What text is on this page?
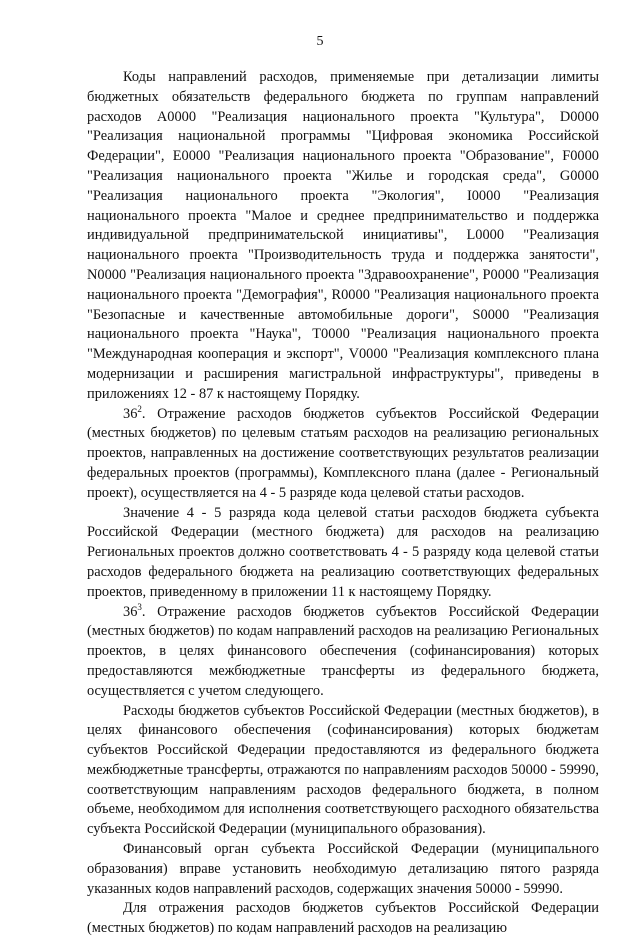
5

Коды направлений расходов, применяемые при детализации лимиты бюджетных обязательств федерального бюджета по группам направлений расходов A0000 "Реализация национального проекта "Культура", D0000 "Реализация национальной программы "Цифровая экономика Российской Федерации", E0000 "Реализация национального проекта "Образование", F0000 "Реализация национального проекта "Жилье и городская среда", G0000 "Реализация национального проекта "Экология", I0000 "Реализация национального проекта "Малое и среднее предпринимательство и поддержка индивидуальной предпринимательской инициативы", L0000 "Реализация национального проекта "Производительность труда и поддержка занятости", N0000 "Реализация национального проекта "Здравоохранение", P0000 "Реализация национального проекта "Демография", R0000 "Реализация национального проекта "Безопасные и качественные автомобильные дороги", S0000 "Реализация национального проекта "Наука", T0000 "Реализация национального проекта "Международная кооперация и экспорт", V0000 "Реализация комплексного плана модернизации и расширения магистральной инфраструктуры", приведены в приложениях 12 - 87 к настоящему Порядку.

$36^2$. Отражение расходов бюджетов субъектов Российской Федерации (местных бюджетов) по целевым статьям расходов на реализацию региональных проектов, направленных на достижение соответствующих результатов реализации федеральных проектов (программы), Комплексного плана (далее - Региональный проект), осуществляется на 4 - 5 разряде кода целевой статьи расходов.

Значение 4 - 5 разряда кода целевой статьи расходов бюджета субъекта Российской Федерации (местного бюджета) для расходов на реализацию Региональных проектов должно соответствовать 4 - 5 разряду кода целевой статьи расходов федерального бюджета на реализацию соответствующих федеральных проектов, приведенному в приложении 11 к настоящему Порядку.

$36^3$. Отражение расходов бюджетов субъектов Российской Федерации (местных бюджетов) по кодам направлений расходов на реализацию Региональных проектов, в целях финансового обеспечения (софинансирования) которых предоставляются межбюджетные трансферты из федерального бюджета, осуществляется с учетом следующего.

Расходы бюджетов субъектов Российской Федерации (местных бюджетов), в целях финансового обеспечения (софинансирования) которых бюджетам субъектов Российской Федерации предоставляются из федерального бюджета межбюджетные трансферты, отражаются по направлениям расходов 50000 - 59990, соответствующим направлениям расходов федерального бюджета, в полном объеме, необходимом для исполнения соответствующего расходного обязательства субъекта Российской Федерации (муниципального образования).

Финансовый орган субъекта Российской Федерации (муниципального образования) вправе установить необходимую детализацию пятого разряда указанных кодов направлений расходов, содержащих значения 50000 - 59990.

Для отражения расходов бюджетов субъектов Российской Федерации (местных бюджетов) по кодам направлений расходов на реализацию
